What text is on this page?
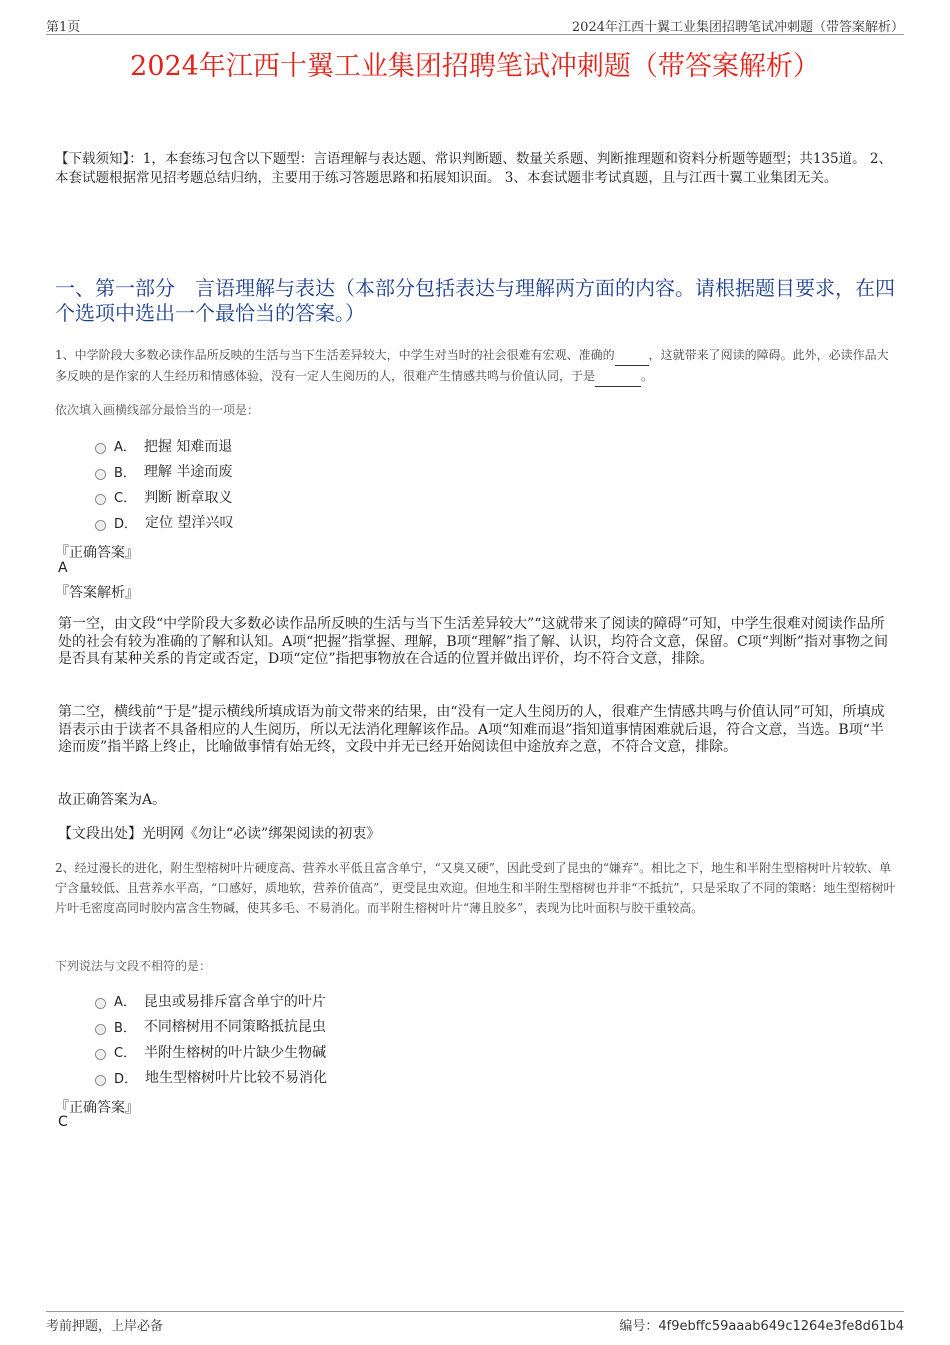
第1页	2024年江西十翼工业集团招聘笔试冲刺题（带答案解析）
2024年江西十翼工业集团招聘笔试冲刺题（带答案解析）
【下载须知】：1，本套练习包含以下题型：言语理解与表达题、常识判断题、数量关系题、判断推理题和资料分析题等题型；共135道。 2、本套试题根据常见招考题总结归纳，主要用于练习答题思路和拓展知识面。 3、本套试题非考试真题，且与江西十翼工业集团无关。
一、第一部分　言语理解与表达（本部分包括表达与理解两方面的内容。请根据题目要求，在四个选项中选出一个最恰当的答案。）
1、中学阶段大多数必读作品所反映的生活与当下生活差异较大，中学生对当时的社会很难有宏观、准确的	，这就带来了阅读的障碍。此外，必读作品大多反映的是作家的人生经历和情感体验，没有一定人生阅历的人，很难产生情感共鸣与价值认同，于是	。
依次填入画横线部分最恰当的一项是：
A． 把握 知难而退
B． 理解 半途而废
C． 判断 断章取义
D． 定位 望洋兴叹
『正确答案』
A
『答案解析』
第一空，由文段“中学阶段大多数必读作品所反映的生活与当下生活差异较大”“这就带来了阅读的障碍”可知，中学生很难对阅读作品所处的社会有较为准确的了解和认知。A项“把握”指掌握、理解，B项“理解”指了解、认识，均符合文意，保留。C项“判断”指对事物之间是否具有某种关系的肯定或否定，D项“定位”指把事物放在合适的位置并做出评价，均不符合文意，排除。
第二空，横线前“于是”提示横线所填成语为前文带来的结果，由“没有一定人生阅历的人，很难产生情感共鸣与价值认同”可知，所填成语表示由于读者不具备相应的人生阅历，所以无法消化理解该作品。A项“知难而退”指知道事情困难就后退，符合文意，当选。B项“半途而废”指半路上终止，比喻做事情有始无终，文段中并无已经开始阅读但中途放弃之意，不符合文意，排除。
故正确答案为A。
【文段出处】光明网《勿让“必读”绑架阅读的初衷》
2、经过漫长的进化，附生型榕树叶片硬度高、营养水平低且富含单宁，“又臭又硬”，因此受到了昆虫的“嫌弃”。相比之下，地生和半附生型榕树叶片较软、单宁含量较低、且营养水平高，“口感好，质地软，营养价值高”，更受昆虫欢迎。但地生和半附生型榕树也并非“不抵抗”，只是采取了不同的策略：地生型榕树叶片叶毛密度高同时胶内富含生物碱，使其多毛、不易消化。而半附生榕树叶片“薄且胶多”，表现为比叶面积与胶干重较高。
下列说法与文段不相符的是：
A． 昆虫或易排斥富含单宁的叶片
B． 不同榕树用不同策略抵抗昆虫
C． 半附生榕树的叶片缺少生物碱
D． 地生型榕树叶片比较不易消化
『正确答案』
C
考前押题，上岸必备	编号：4f9ebffc59aaab649c1264e3fe8d61b4
